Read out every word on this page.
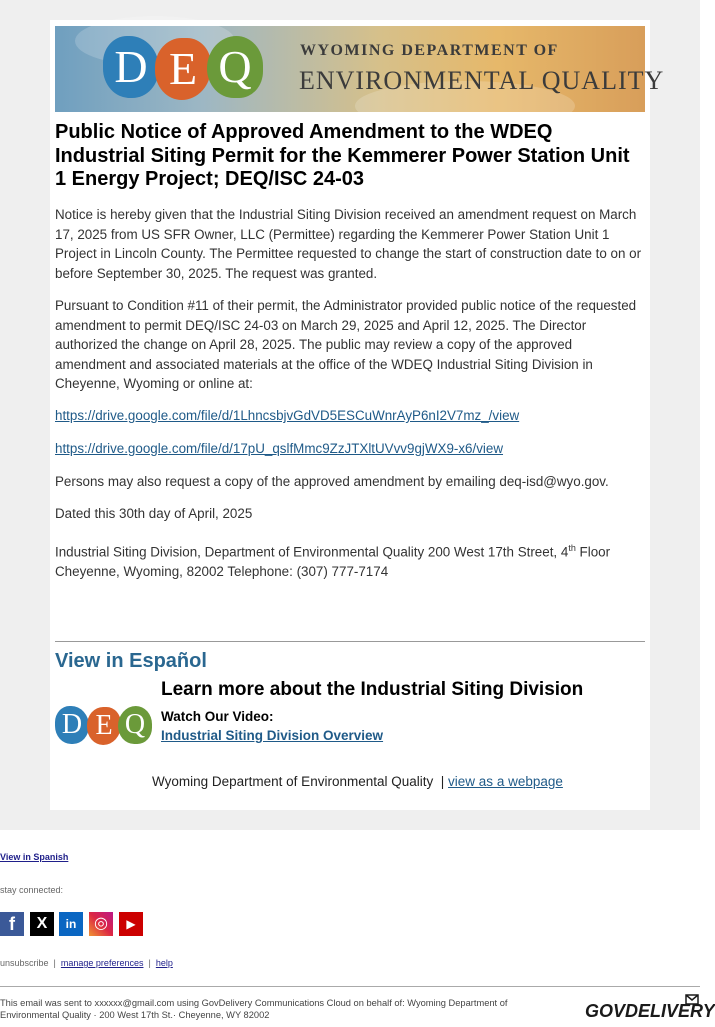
D E Q	WYOMING DEPARTMENT OF
ENVIRONMENTAL QUALITY
Public Notice of Approved Amendment to the WDEQ Industrial Siting Permit for the Kemmerer Power Station Unit 1 Energy Project; DEQ/ISC 24-03

Notice is hereby given that the Industrial Siting Division received an amendment request on March 17, 2025 from US SFR Owner, LLC (Permittee) regarding the Kemmerer Power Station Unit 1 Project in Lincoln County. The Permittee requested to change the start of construction date to on or before September 30, 2025. The request was granted.

Pursuant to Condition #11 of their permit, the Administrator provided public notice of the requested amendment to permit DEQ/ISC 24-03 on March 29, 2025 and April 12, 2025. The Director authorized the change on April 28, 2025. The public may review a copy of the approved amendment and associated materials at the office of the WDEQ Industrial Siting Division in Cheyenne, Wyoming or online at:

https://drive.google.com/file/d/1LhncsbjvGdVD5ESCuWnrAyP6nI2V7mz_/view

https://drive.google.com/file/d/17pU_qslfMmc9ZzJTXltUVvv9gjWX9-x6/view

Persons may also request a copy of the approved amendment by emailing deq-isd@wyo.gov.

Dated this 30th day of April, 2025

Industrial Siting Division, Department of Environmental Quality 200 West 17th Street, 4th Floor Cheyenne, Wyoming, 82002 Telephone: (307) 777-7174

View in Español
D E Q
Learn more about the Industrial Siting Division
Watch Our Video:
Industrial Siting Division Overview
Wyoming Department of Environmental Quality | view as a webpage
View in Spanish
stay connected:
f	X	in	◎	▶
unsubscribe | manage preferences | help
This email was sent to xxxxxx@gmail.com using GovDelivery Communications Cloud on behalf of: Wyoming Department of Environmental Quality · 200 West 17th St.· Cheyenne, WY 82002	GOVDELIVERY
